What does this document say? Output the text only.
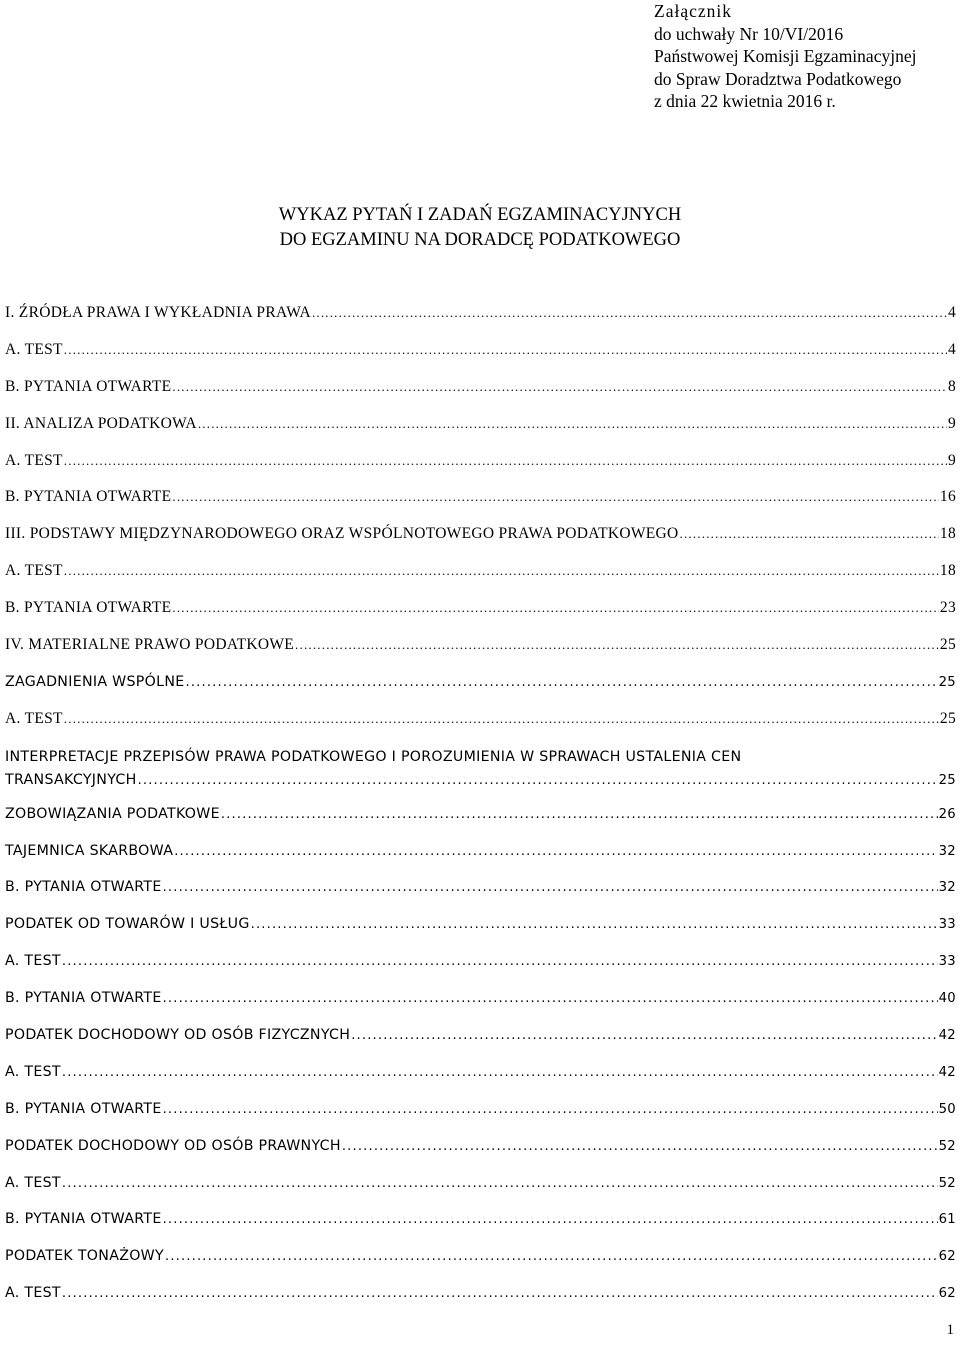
Załącznik
do uchwały Nr 10/VI/2016
Państwowej Komisji Egzaminacyjnej
do Spraw Doradztwa Podatkowego
z dnia 22 kwietnia 2016 r.
WYKAZ PYTAŃ I ZADAŃ EGZAMINACYJNYCH
DO EGZAMINU NA DORADCĘ PODATKOWEGO
I. ŹRÓDŁA PRAWA I WYKŁADNIA PRAWA .....	4
A. TEST .....	4
B. PYTANIA OTWARTE .....	8
II. ANALIZA PODATKOWA .....	9
A. TEST .....	9
B. PYTANIA OTWARTE .....	16
III. PODSTAWY MIĘDZYNARODOWEGO ORAZ WSPÓLNOTOWEGO PRAWA PODATKOWEGO .....	18
A. TEST .....	18
B. PYTANIA OTWARTE .....	23
IV. MATERIALNE PRAWO PODATKOWE .....	25
ZAGADNIENIA WSPÓLNE .....	25
A. TEST .....	25
INTERPRETACJE PRZEPISÓW PRAWA PODATKOWEGO I POROZUMIENIA W SPRAWACH USTALENIA CEN
TRANSAKCYJNYCH .....	25
ZOBOWIĄZANIA PODATKOWE .....	26
TAJEMNICA SKARBOWA .....	32
B. PYTANIA OTWARTE .....	32
PODATEK OD TOWARÓW I USŁUG .....	33
A. TEST .....	33
B. PYTANIA OTWARTE .....	40
PODATEK DOCHODOWY OD OSÓB FIZYCZNYCH .....	42
A. TEST .....	42
B. PYTANIA OTWARTE .....	50
PODATEK DOCHODOWY OD OSÓB PRAWNYCH .....	52
A. TEST .....	52
B. PYTANIA OTWARTE .....	61
PODATEK TONAŻOWY .....	62
A. TEST .....	62
1
